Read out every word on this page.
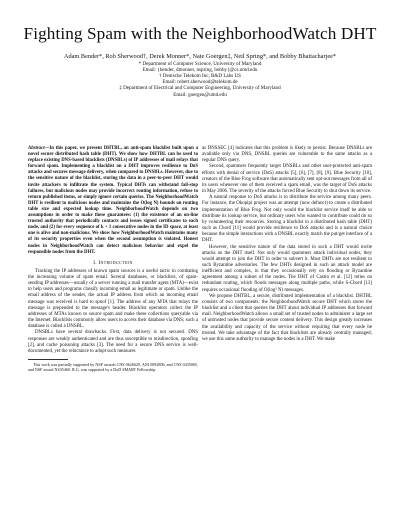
Fighting Spam with the NeighborhoodWatch DHT
Adam Bender*, Rob Sherwood†, Derek Monner*, Nate Goergen‡, Neil Spring*, and Bobby Bhattacharjee*
* Department of Computer Science, University of Maryland
Email: {bender, dmonner, nspring, bobby}@cs.umd.edu
† Deutsche Telekom Inc, R&D Labs US
Email: robert.sherwood@telekom.de
‡ Department of Electrical and Computer Engineering, University of Maryland
Email: goergen@umd.edu

Abstract—In this paper, we present DHTBL, an anti-spam blacklist built upon a novel secure distributed hash table (DHT). We show how DHTBL can be used to replace existing DNS-based blacklists (DNSBLs) of IP addresses of mail relays that forward spam. Implementing a blacklist on a DHT improves resilience to DoS attacks and secures message delivery, when compared to DNSBLs. However, due to the sensitive nature of the blacklist, storing the data in a peer-to-peer DHT would invite attackers to infiltrate the system. Typical DHTs can withstand fail-stop failures, but malicious nodes may provide incorrect routing information, refuse to return published items, or simply ignore certain queries. The NeighborhoodWatch DHT is resilient to malicious nodes and maintains the O(log N) bounds on routing table size and expected lookup time. NeighborhoodWatch depends on two assumptions in order to make these guarantees: (1) the existence of an on-line trusted authority that periodically contacts and issues signed certificates to each node, and (2) for every sequence of k + 1 consecutive nodes in the ID space, at least one is alive and non-malicious. We show how NeighborhoodWatch maintains many of its security properties even when the second assumption is violated. Honest nodes in NeighborhoodWatch can detect malicious behavior and expel the responsible nodes from the DHT.

I. Introduction

Tracking the IP addresses of known spam sources is a useful tactic in combating the increasing volume of spam email. Several databases, or blacklists, of spam-sending IP addresses—usually of a server running a mail transfer agent (MTA)—exist to help users and programs classify incoming email as legitimate or spam. Unlike the email address of the sender, the actual IP address from which an incoming email message was received is hard to spoof [1]. The address of any MTA that relays the message is prepended to the message's header. Blacklist operators collect the IP addresses of MTAs known to source spam and make these collections queryable via the Internet. Blacklists commonly allow users to access their database via DNS; such a database is called a DNSBL.

DNSBLs have several drawbacks. First, data delivery is not secured. DNS responses are weakly authenticated and are thus susceptible to misdirection, spoofing [2], and cache poisoning attacks [3]. The need for a secure DNS service is well-documented, yet the reluctance to adopt such measures

This work was partially supported by NSF awards CNS 0626629, ANI 0092806, and CNS 0435065, and NSF award NS35460. R.G. was supported by a DoD SMART Fellowship.

as DNSSEC [4] indicates that this problem is likely to persist. Because DNSBLs are available only via DNS, DNSBL queries are vulnerable to the same attacks as a regular DNS query.

Second, spammers frequently target DNSBLs and other user-protected anti-spam efforts with denial of service (DoS) attacks [5], [6], [7], [8], [9]. Blue Security [10], creators of the Blue Frog software that automatically sent opt-out messages from all of its users whenever one of them received a spam email, was the target of DoS attacks in May 2006. The severity of the attacks forced Blue Security to shut down its service.

A natural response to DoS attacks is to distribute the service among many peers. For instance, the Okopipi project was an attempt (now defunct) to create a distributed implementation of Blue Frog. Not only would the blacklist service itself be able to distribute its lookup service, but ordinary users who wanted to contribute could do so by volunteering their resources. Storing a blacklist in a distributed hash table (DHT) such as Chord [11] would provide resilience to DoS attacks and is a natural choice because the simple interactions with a DNSBL exactly match the put/get interface of a DHT.

However, the sensitive nature of the data stored in such a DHT would invite attacks on the DHT itself. Not only would spammers attack individual nodes, they would attempt to join the DHT in order to subvert it. Most DHTs are not resilient to such Byzantine adversaries. The few DHTs designed in such an attack model are inefficient and complex, in that they occasionally rely on flooding or Byzantine agreement among a subset of the nodes. The DHT of Castro et al. [12] relies on redundant routing, which floods messages along multiple paths, while S-Chord [13] requires occasional flooding of O(log² N) messages.

We propose DHTBL, a secure, distributed implementation of a blacklist. DHTBL consists of two components: the NeighborhoodWatch secure DHT which stores the blacklist and a client that queries the DHT about individual IP addresses that forward mail. NeighborhoodWatch allows a small set of trusted nodes to administer a large set of untrusted nodes that provide secure content delivery. This design greatly increases the availability and capacity of the service without requiring that every node be trusted. We take advantage of the fact that blacklists are already centrally managed; we use this same authority to manage the nodes in a DHT. We make
